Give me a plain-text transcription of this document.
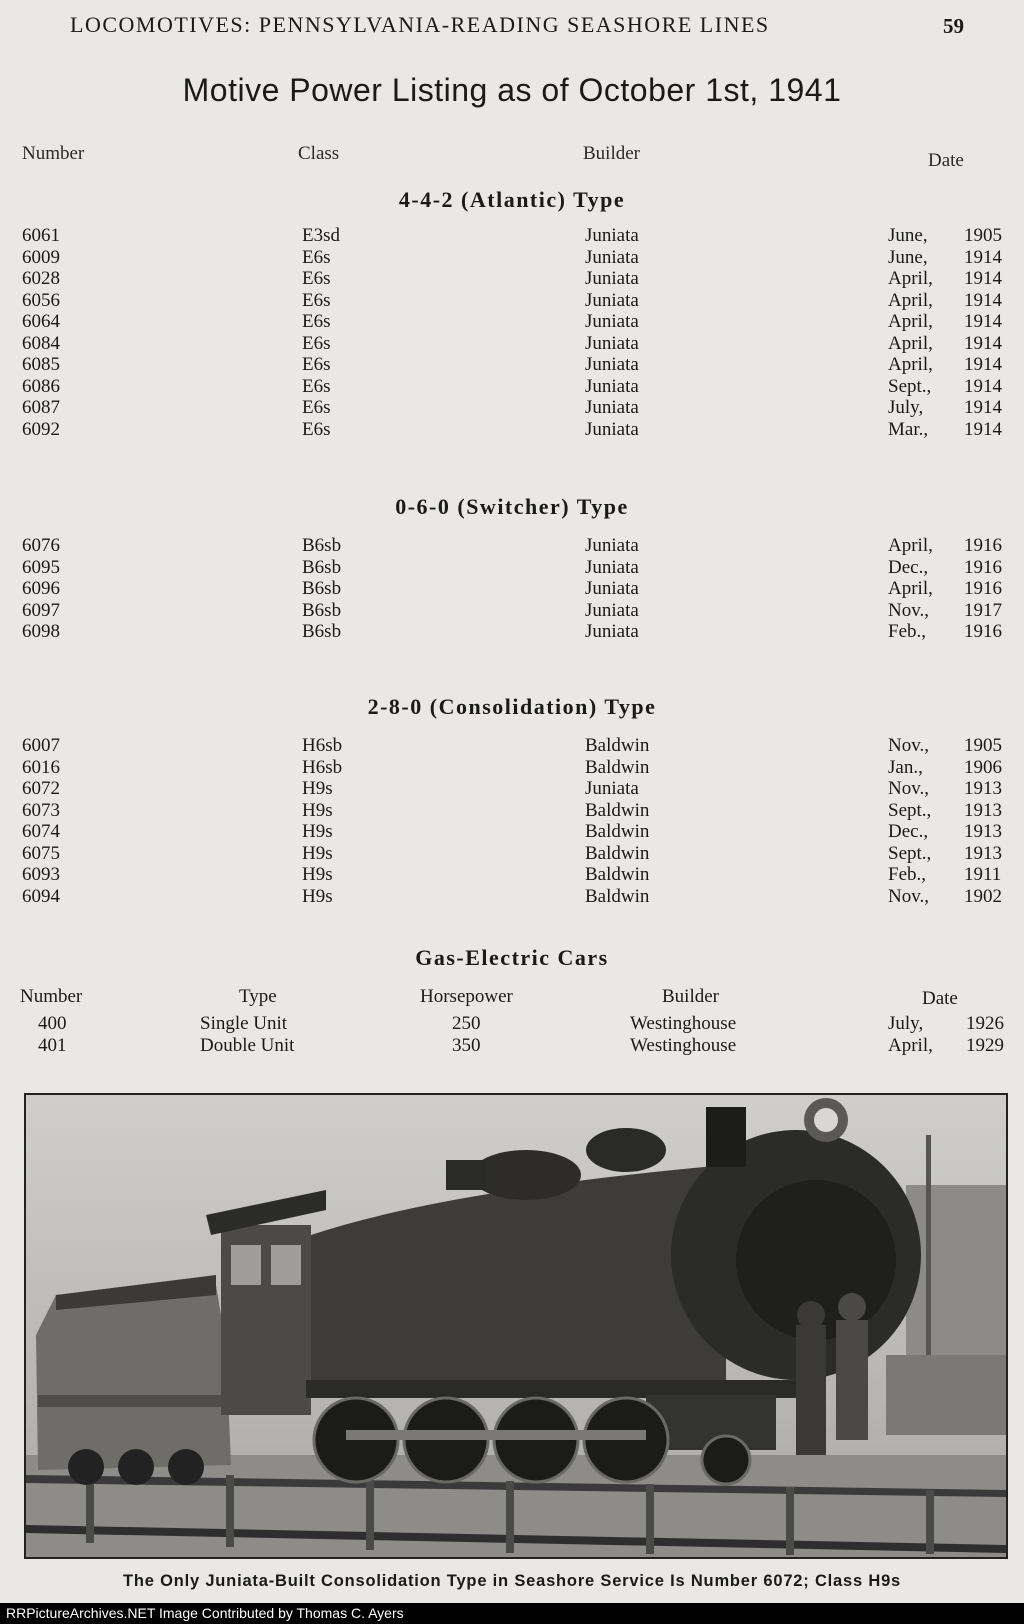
LOCOMOTIVES: PENNSYLVANIA-READING SEASHORE LINES	59
Motive Power Listing as of October 1st, 1941
Number	Class	Builder	Date
4-4-2 (Atlantic) Type
6061	E3sd	Juniata	June, 1905
6009	E6s	Juniata	June, 1914
6028	E6s	Juniata	April, 1914
6056	E6s	Juniata	April, 1914
6064	E6s	Juniata	April, 1914
6084	E6s	Juniata	April, 1914
6085	E6s	Juniata	April, 1914
6086	E6s	Juniata	Sept., 1914
6087	E6s	Juniata	July, 1914
6092	E6s	Juniata	Mar., 1914
0-6-0 (Switcher) Type
6076	B6sb	Juniata	April, 1916
6095	B6sb	Juniata	Dec., 1916
6096	B6sb	Juniata	April, 1916
6097	B6sb	Juniata	Nov., 1917
6098	B6sb	Juniata	Feb., 1916
2-8-0 (Consolidation) Type
6007	H6sb	Baldwin	Nov., 1905
6016	H6sb	Baldwin	Jan., 1906
6072	H9s	Juniata	Nov., 1913
6073	H9s	Baldwin	Sept., 1913
6074	H9s	Baldwin	Dec., 1913
6075	H9s	Baldwin	Sept., 1913
6093	H9s	Baldwin	Feb., 1911
6094	H9s	Baldwin	Nov., 1902
Gas-Electric Cars
Number	Type	Horsepower	Builder	Date
400	Single Unit	250	Westinghouse	July, 1926
401	Double Unit	350	Westinghouse	April, 1929
The Only Juniata-Built Consolidation Type in Seashore Service Is Number 6072; Class H9s
RRPictureArchives.NET Image Contributed by Thomas C. Ayers
